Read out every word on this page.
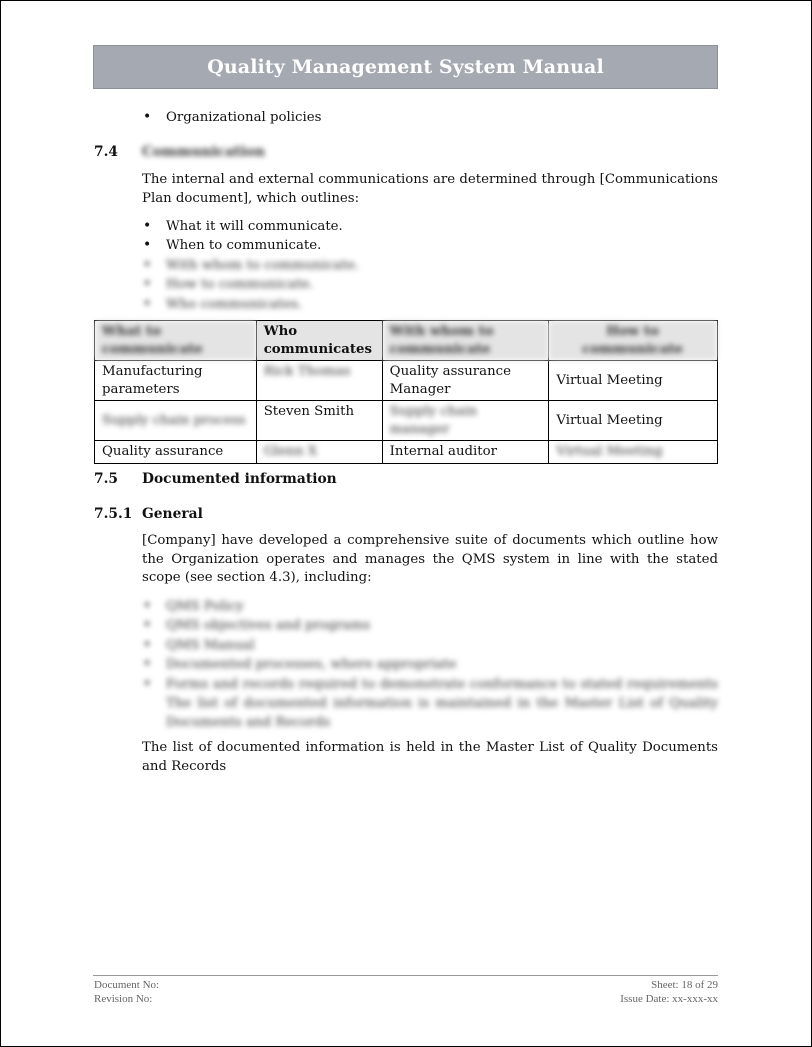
Quality Management System Manual
• Organizational policies
7.4 Communication
The internal and external communications are determined through [Communications Plan document], which outlines:
• What it will communicate.
• When to communicate.
• With whom to communicate.
• How to communicate.
• Who communicates.
What to communicate	Who communicates	With whom to communicate	How to communicate
Manufacturing parameters	Rick Thomas	Quality assurance Manager	Virtual Meeting
Supply chain process	Steven Smith	Supply chain manager	Virtual Meeting
Quality assurance	Glenn X	Internal auditor	Virtual Meeting
7.5 Documented information
7.5.1 General
[Company] have developed a comprehensive suite of documents which outline how the Organization operates and manages the QMS system in line with the stated scope (see section 4.3), including:
• QMS Policy
• QMS objectives and programs
• QMS Manual
• Documented processes, where appropriate
• Forms and records required to demonstrate conformance to stated requirements The list of documented information is maintained in the Master List of Quality Documents and Records
The list of documented information is held in the Master List of Quality Documents and Records
Document No:
Revision No:
Sheet: 18 of 29
Issue Date: xx-xxx-xx
